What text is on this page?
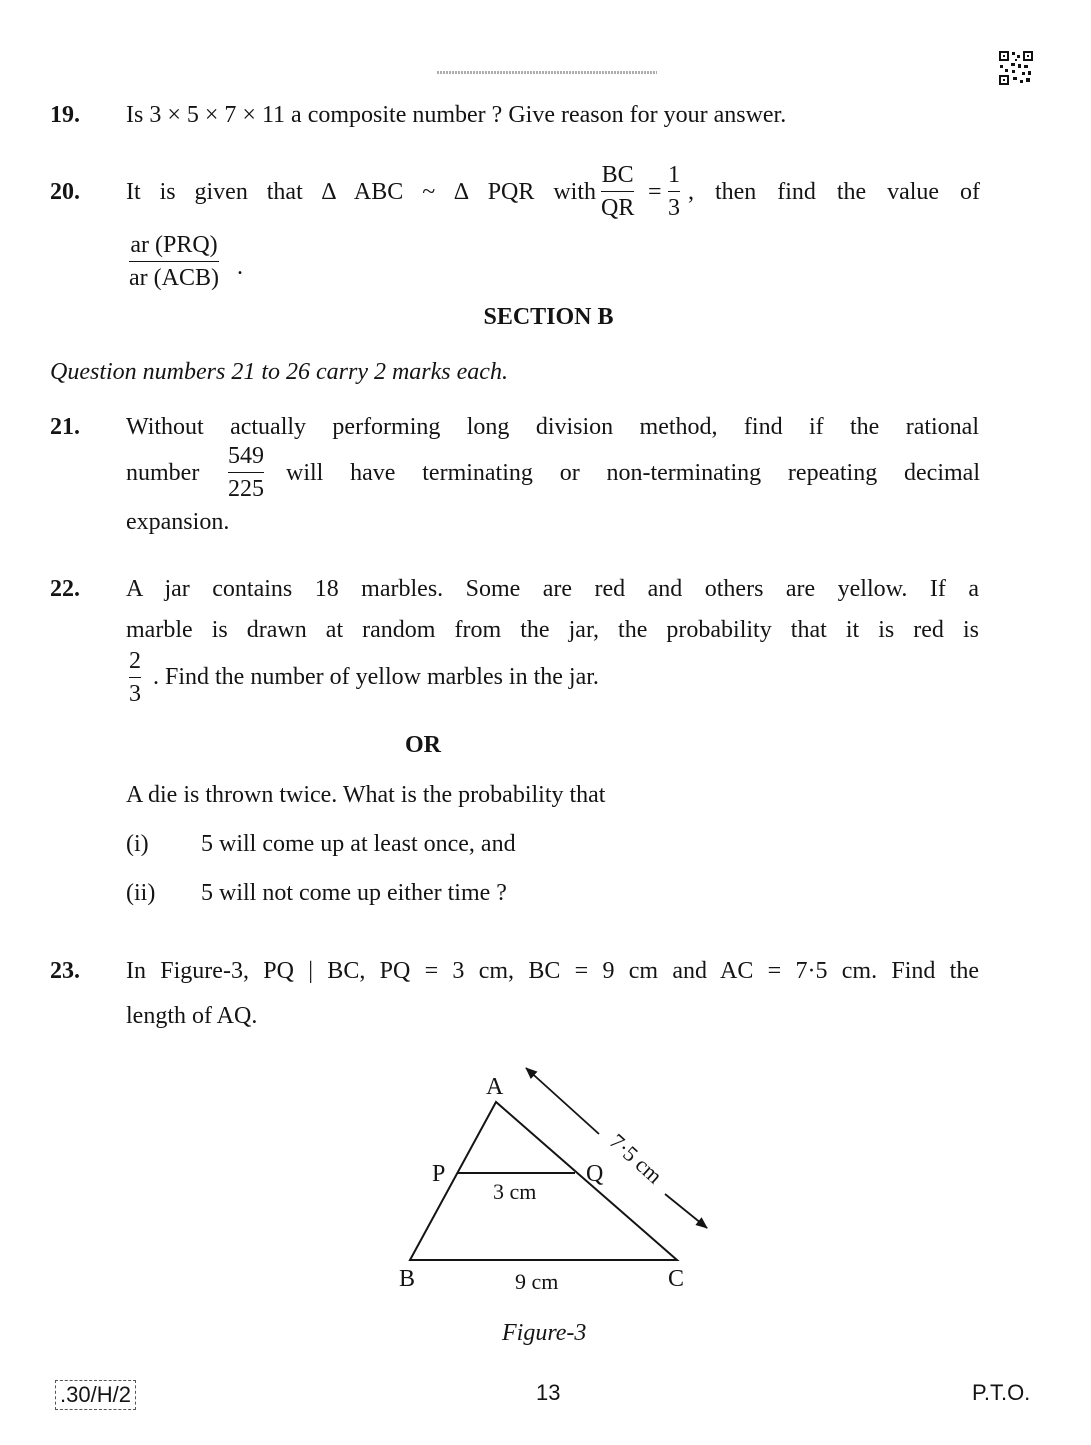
19. Is 3 × 5 × 7 × 11 a composite number ? Give reason for your answer.
20. It is given that ∆ ABC ~ ∆ PQR with
BC
QR
=
1
3
, then find the value of
ar (PRQ)
ar (ACB) .
SECTION B
Question numbers 21 to 26 carry 2 marks each.
21. Without actually performing long division method, find if the rational
number
549
225
will have terminating or non-terminating repeating decimal
expansion.
22. A jar contains 18 marbles. Some are red and others are yellow. If a
marble is drawn at random from the jar, the probability that it is red is
2
3
. Find the number of yellow marbles in the jar.
OR
A die is thrown twice. What is the probability that
(i) 5 will come up at least once, and
(ii) 5 will not come up either time ?
23. In Figure-3, PQ | BC, PQ = 3 cm, BC = 9 cm and AC = 7·5 cm. Find the
length of AQ.
A
P	Q
B	C
3 cm
9 cm
7·5 cm
Figure-3
.30/H/2	13	P.T.O.
